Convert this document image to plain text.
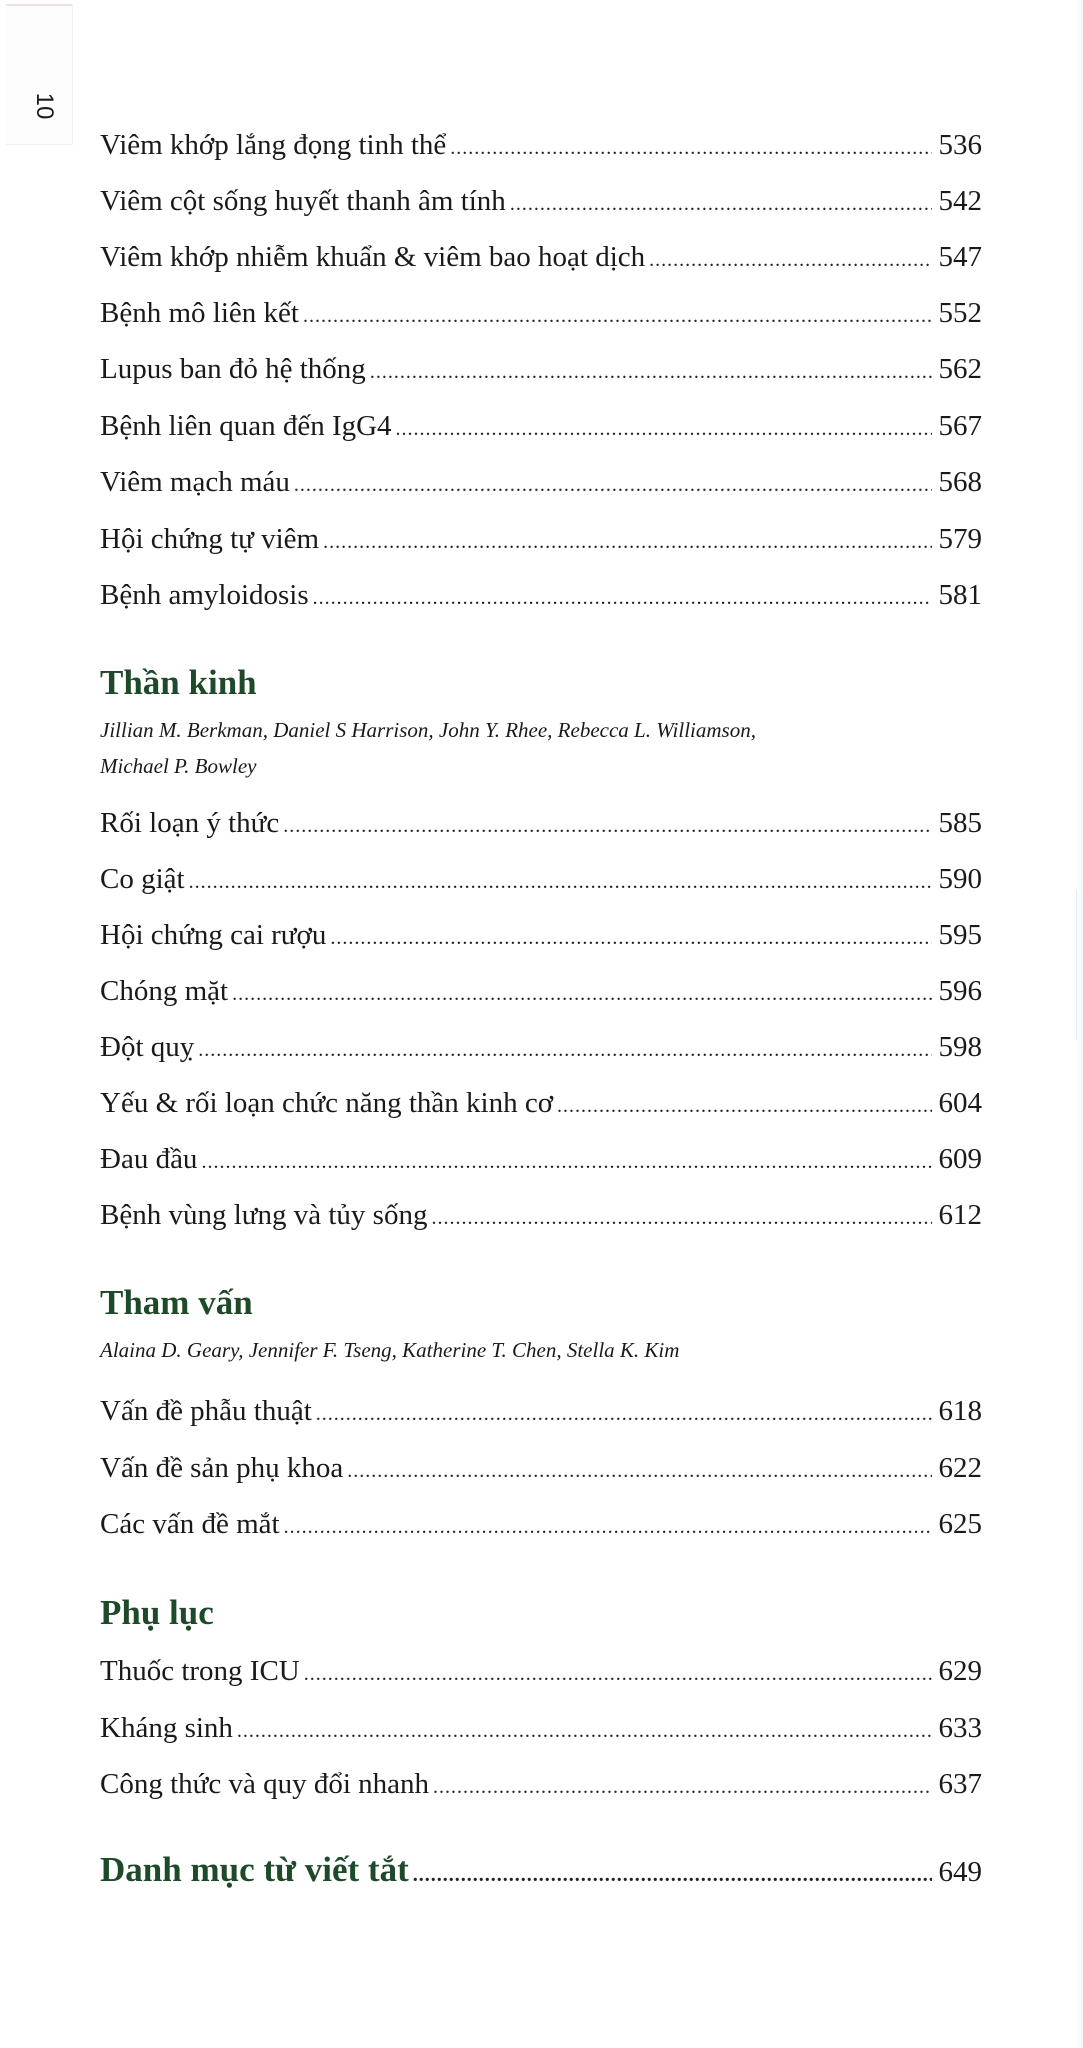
10
Viêm khớp lắng đọng tinh thể .....	536
Viêm cột sống huyết thanh âm tính .....	542
Viêm khớp nhiễm khuẩn & viêm bao hoạt dịch .....	547
Bệnh mô liên kết .....	552
Lupus ban đỏ hệ thống .....	562
Bệnh liên quan đến IgG4 .....	567
Viêm mạch máu .....	568
Hội chứng tự viêm .....	579
Bệnh amyloidosis .....	581
Thần kinh
Jillian M. Berkman, Daniel S Harrison, John Y. Rhee, Rebecca L. Williamson,
Michael P. Bowley
Rối loạn ý thức .....	585
Co giật .....	590
Hội chứng cai rượu .....	595
Chóng mặt .....	596
Đột quỵ .....	598
Yếu & rối loạn chức năng thần kinh cơ .....	604
Đau đầu .....	609
Bệnh vùng lưng và tủy sống .....	612
Tham vấn
Alaina D. Geary, Jennifer F. Tseng, Katherine T. Chen, Stella K. Kim
Vấn đề phẫu thuật .....	618
Vấn đề sản phụ khoa .....	622
Các vấn đề mắt .....	625
Phụ lục
Thuốc trong ICU .....	629
Kháng sinh .....	633
Công thức và quy đổi nhanh .....	637
Danh mục từ viết tắt .....	649
